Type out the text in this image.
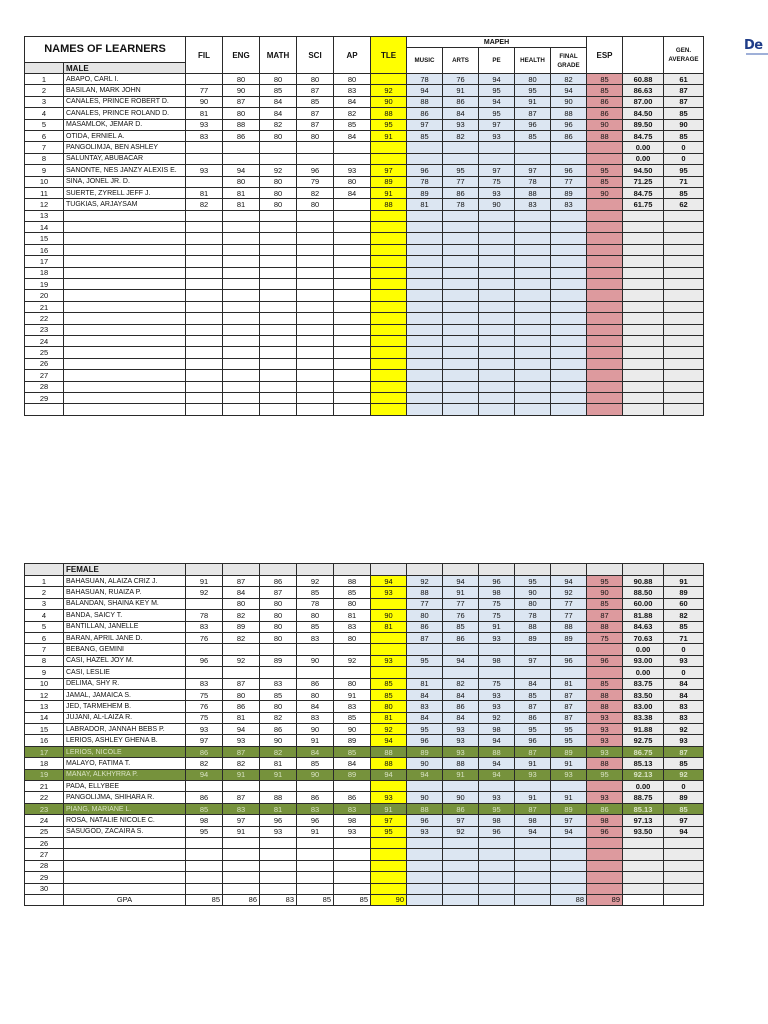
De
NAMES OF LEARNERS		FIL	ENG	MATH	SCI	AP	TLE	MAPEH					ESP		GEN. AVERAGE
								MUSIC	ARTS	PE	HEALTH	FINAL GRADE			
	MALE														
1	ABAPO, CARL I.		80	80	80	80		78	76	94	80	82	85	60.88	61
2	BASILAN, MARK JOHN	77	90	85	87	83	92	94	91	95	95	94	85	86.63	87
3	CANALES, PRINCE ROBERT D.	90	87	84	85	84	90	88	86	94	91	90	86	87.00	87
4	CANALES, PRINCE ROLAND D.	81	80	84	87	82	88	86	84	95	87	88	86	84.50	85
5	MASAMLOK, JEMAR D.	93	88	82	87	85	95	97	93	97	96	96	90	89.50	90
6	OTIDA, ERNIEL A.	83	86	80	80	84	91	85	82	93	85	86	88	84.75	85
7	PANGOLIMJA, BEN ASHLEY													0.00	0
8	SALUNTAY, ABUBACAR													0.00	0
9	SANONTE, NES JANZY ALEXIS E.	93	94	92	96	93	97	96	95	97	97	96	95	94.50	95
10	SINA, JONEL JR. D.		80	80	79	80	89	78	77	75	78	77	85	71.25	71
11	SUERTE, ZYRELL JEFF J.	81	81	80	82	84	91	89	86	93	88	89	90	84.75	85
12	TUGKIAS, ARJAYSAM	82	81	80	80		88	81	78	90	83	83		61.75	62
13															
14															
15															
16															
17															
18															
19															
20															
21															
22															
23															
24															
25															
26															
27															
28															
29															

	FEMALE														
1	BAHASUAN, ALAIZA CRIZ J.	91	87	86	92	88	94	92	94	96	95	94	95	90.88	91
2	BAHASUAN, RUAIZA P.	92	84	87	85	85	93	88	91	98	90	92	90	88.50	89
3	BALANDAN, SHAINA KEY M.		80	80	78	80		77	77	75	80	77	85	60.00	60
4	BANDA, SAICY T.	78	82	80	80	81	90	80	76	75	78	77	87	81.88	82
5	BANTILLAN, JANELLE	83	89	80	85	83	81	86	85	91	88	88	88	84.63	85
6	BARAN, APRIL JANE D.	76	82	80	83	80		87	86	93	89	89	75	70.63	71
7	BEBANG, GEMINI													0.00	0
8	CASI, HAZEL JOY M.	96	92	89	90	92	93	95	94	98	97	96	96	93.00	93
9	CASI, LESLIE													0.00	0
10	DELIMA, SHY R.	83	87	83	86	80	85	81	82	75	84	81	85	83.75	84
12	JAMAL, JAMAICA S.	75	80	85	80	91	85	84	84	93	85	87	88	83.50	84
13	JED, TARMEHEM B.	76	86	80	84	83	80	83	86	93	87	87	88	83.00	83
14	JUJANI, AL-LAIZA R.	75	81	82	83	85	81	84	84	92	86	87	93	83.38	83
15	LABRADOR, JANNAH BEBS P.	93	94	86	90	90	92	95	93	98	95	95	93	91.88	92
16	LERIOS, ASHLEY GHENA B.	97	93	90	91	89	94	96	93	94	96	95	93	92.75	93
17	LERIOS, NICOLE	86	87	82	84	85	88	89	93	88	87	89	93	86.75	87
18	MALAYO, FATIMA T.	82	82	81	85	84	88	90	88	94	91	91	88	85.13	85
19	MANAY, ALKHYRRA P.	94	91	91	90	89	94	94	91	94	93	93	95	92.13	92
21	PADA, ELLYBEE													0.00	0
22	PANGOLIJMA, SHIHARA R.	86	87	88	86	86	93	90	90	93	91	91	93	88.75	89
23	PIANG, MARIANE L.	85	83	81	83	83	91	88	86	95	87	89	86	85.13	85
24	ROSA, NATALIE NICOLE C.	98	97	96	96	98	97	96	97	98	98	97	98	97.13	97
25	SASUGOD, ZACAIRA S.	95	91	93	91	93	95	93	92	96	94	94	96	93.50	94
26															
27															
28															
29															
30															
	GPA	85	86	83	85	85	90					88	89		
